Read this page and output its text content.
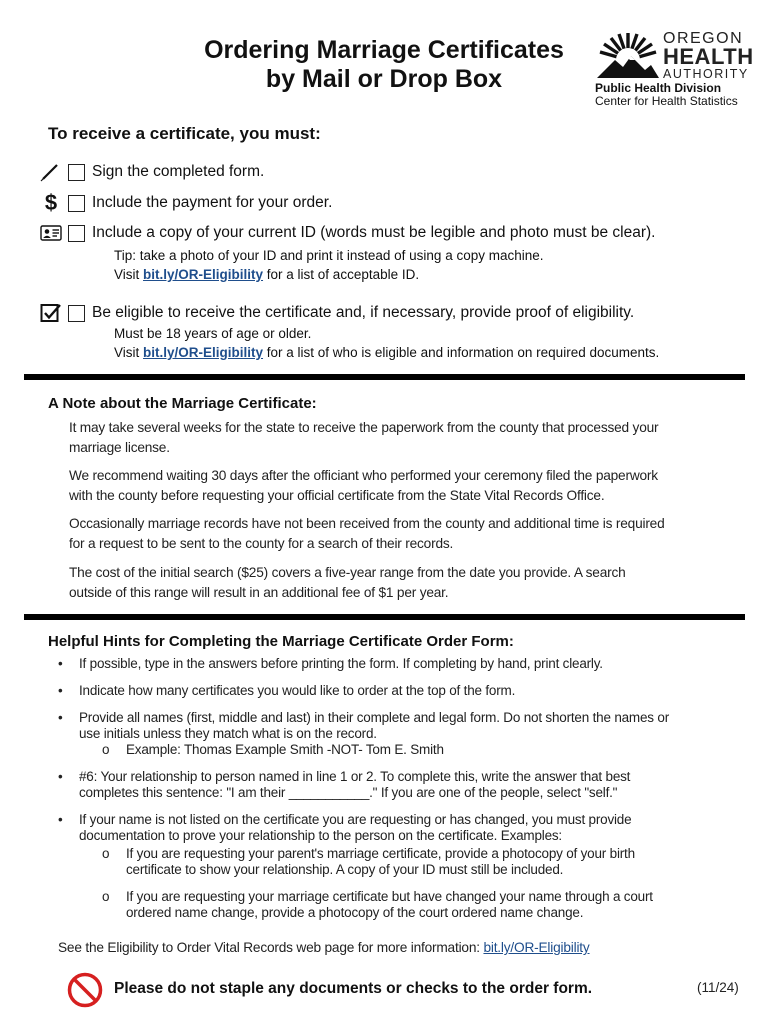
Ordering Marriage Certificates
by Mail or Drop Box
OREGON
HEALTH
AUTHORITY
Public Health Division
Center for Health Statistics
To receive a certificate, you must:
Sign the completed form.
$	Include the payment for your order.
Include a copy of your current ID (words must be legible and photo must be clear).
Tip: take a photo of your ID and print it instead of using a copy machine.
Visit bit.ly/OR-Eligibility for a list of acceptable ID.
Be eligible to receive the certificate and, if necessary, provide proof of eligibility.
Must be 18 years of age or older.
Visit bit.ly/OR-Eligibility for a list of who is eligible and information on required documents.
A Note about the Marriage Certificate:
It may take several weeks for the state to receive the paperwork from the county that processed your
marriage license.
We recommend waiting 30 days after the officiant who performed your ceremony filed the paperwork
with the county before requesting your official certificate from the State Vital Records Office.
Occasionally marriage records have not been received from the county and additional time is required
for a request to be sent to the county for a search of their records.
The cost of the initial search ($25) covers a five-year range from the date you provide. A search
outside of this range will result in an additional fee of $1 per year.
Helpful Hints for Completing the Marriage Certificate Order Form:
• If possible, type in the answers before printing the form. If completing by hand, print clearly.
• Indicate how many certificates you would like to order at the top of the form.
• Provide all names (first, middle and last) in their complete and legal form. Do not shorten the names or
use initials unless they match what is on the record.
o Example: Thomas Example Smith -NOT- Tom E. Smith
• #6: Your relationship to person named in line 1 or 2. To complete this, write the answer that best
completes this sentence: "I am their ___________." If you are one of the people, select "self."
• If your name is not listed on the certificate you are requesting or has changed, you must provide
documentation to prove your relationship to the person on the certificate. Examples:
o If you are requesting your parent's marriage certificate, provide a photocopy of your birth
certificate to show your relationship. A copy of your ID must still be included.
o If you are requesting your marriage certificate but have changed your name through a court
ordered name change, provide a photocopy of the court ordered name change.
See the Eligibility to Order Vital Records web page for more information: bit.ly/OR-Eligibility
Please do not staple any documents or checks to the order form.	(11/24)
